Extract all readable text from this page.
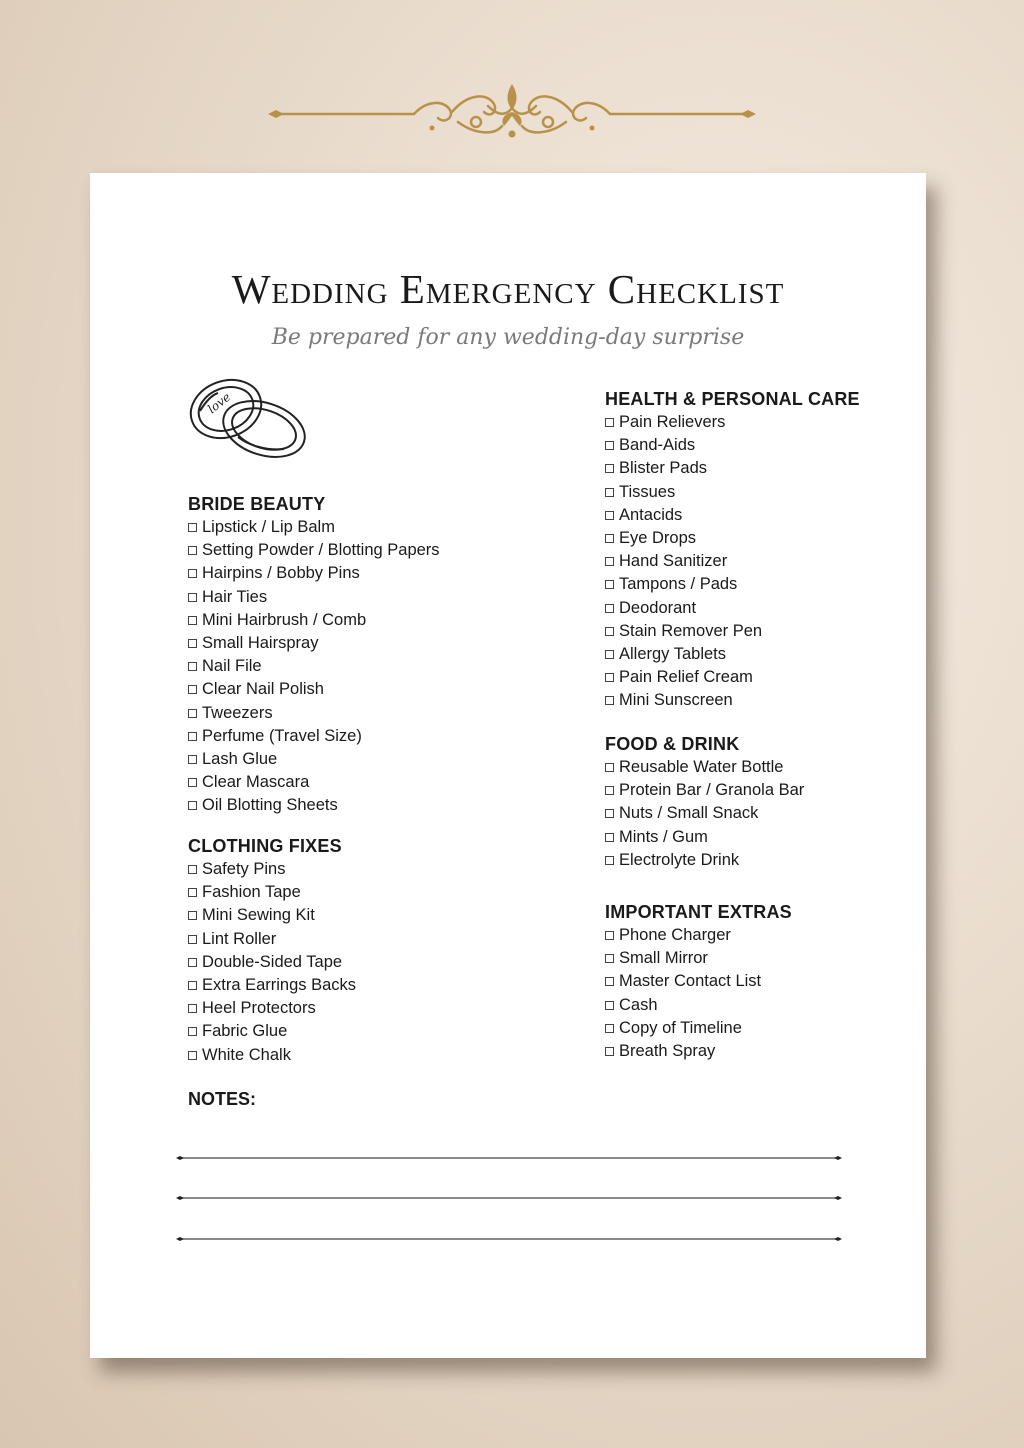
Wedding Emergency Checklist
Be prepared for any wedding-day surprise
love
BRIDE BEAUTY
Lipstick / Lip Balm
Setting Powder / Blotting Papers
Hairpins / Bobby Pins
Hair Ties
Mini Hairbrush / Comb
Small Hairspray
Nail File
Clear Nail Polish
Tweezers
Perfume (Travel Size)
Lash Glue
Clear Mascara
Oil Blotting Sheets
CLOTHING FIXES
Safety Pins
Fashion Tape
Mini Sewing Kit
Lint Roller
Double-Sided Tape
Extra Earrings Backs
Heel Protectors
Fabric Glue
White Chalk
HEALTH & PERSONAL CARE
Pain Relievers
Band-Aids
Blister Pads
Tissues
Antacids
Eye Drops
Hand Sanitizer
Tampons / Pads
Deodorant
Stain Remover Pen
Allergy Tablets
Pain Relief Cream
Mini Sunscreen
FOOD & DRINK
Reusable Water Bottle
Protein Bar / Granola Bar
Nuts / Small Snack
Mints / Gum
Electrolyte Drink
IMPORTANT EXTRAS
Phone Charger
Small Mirror
Master Contact List
Cash
Copy of Timeline
Breath Spray
NOTES:
